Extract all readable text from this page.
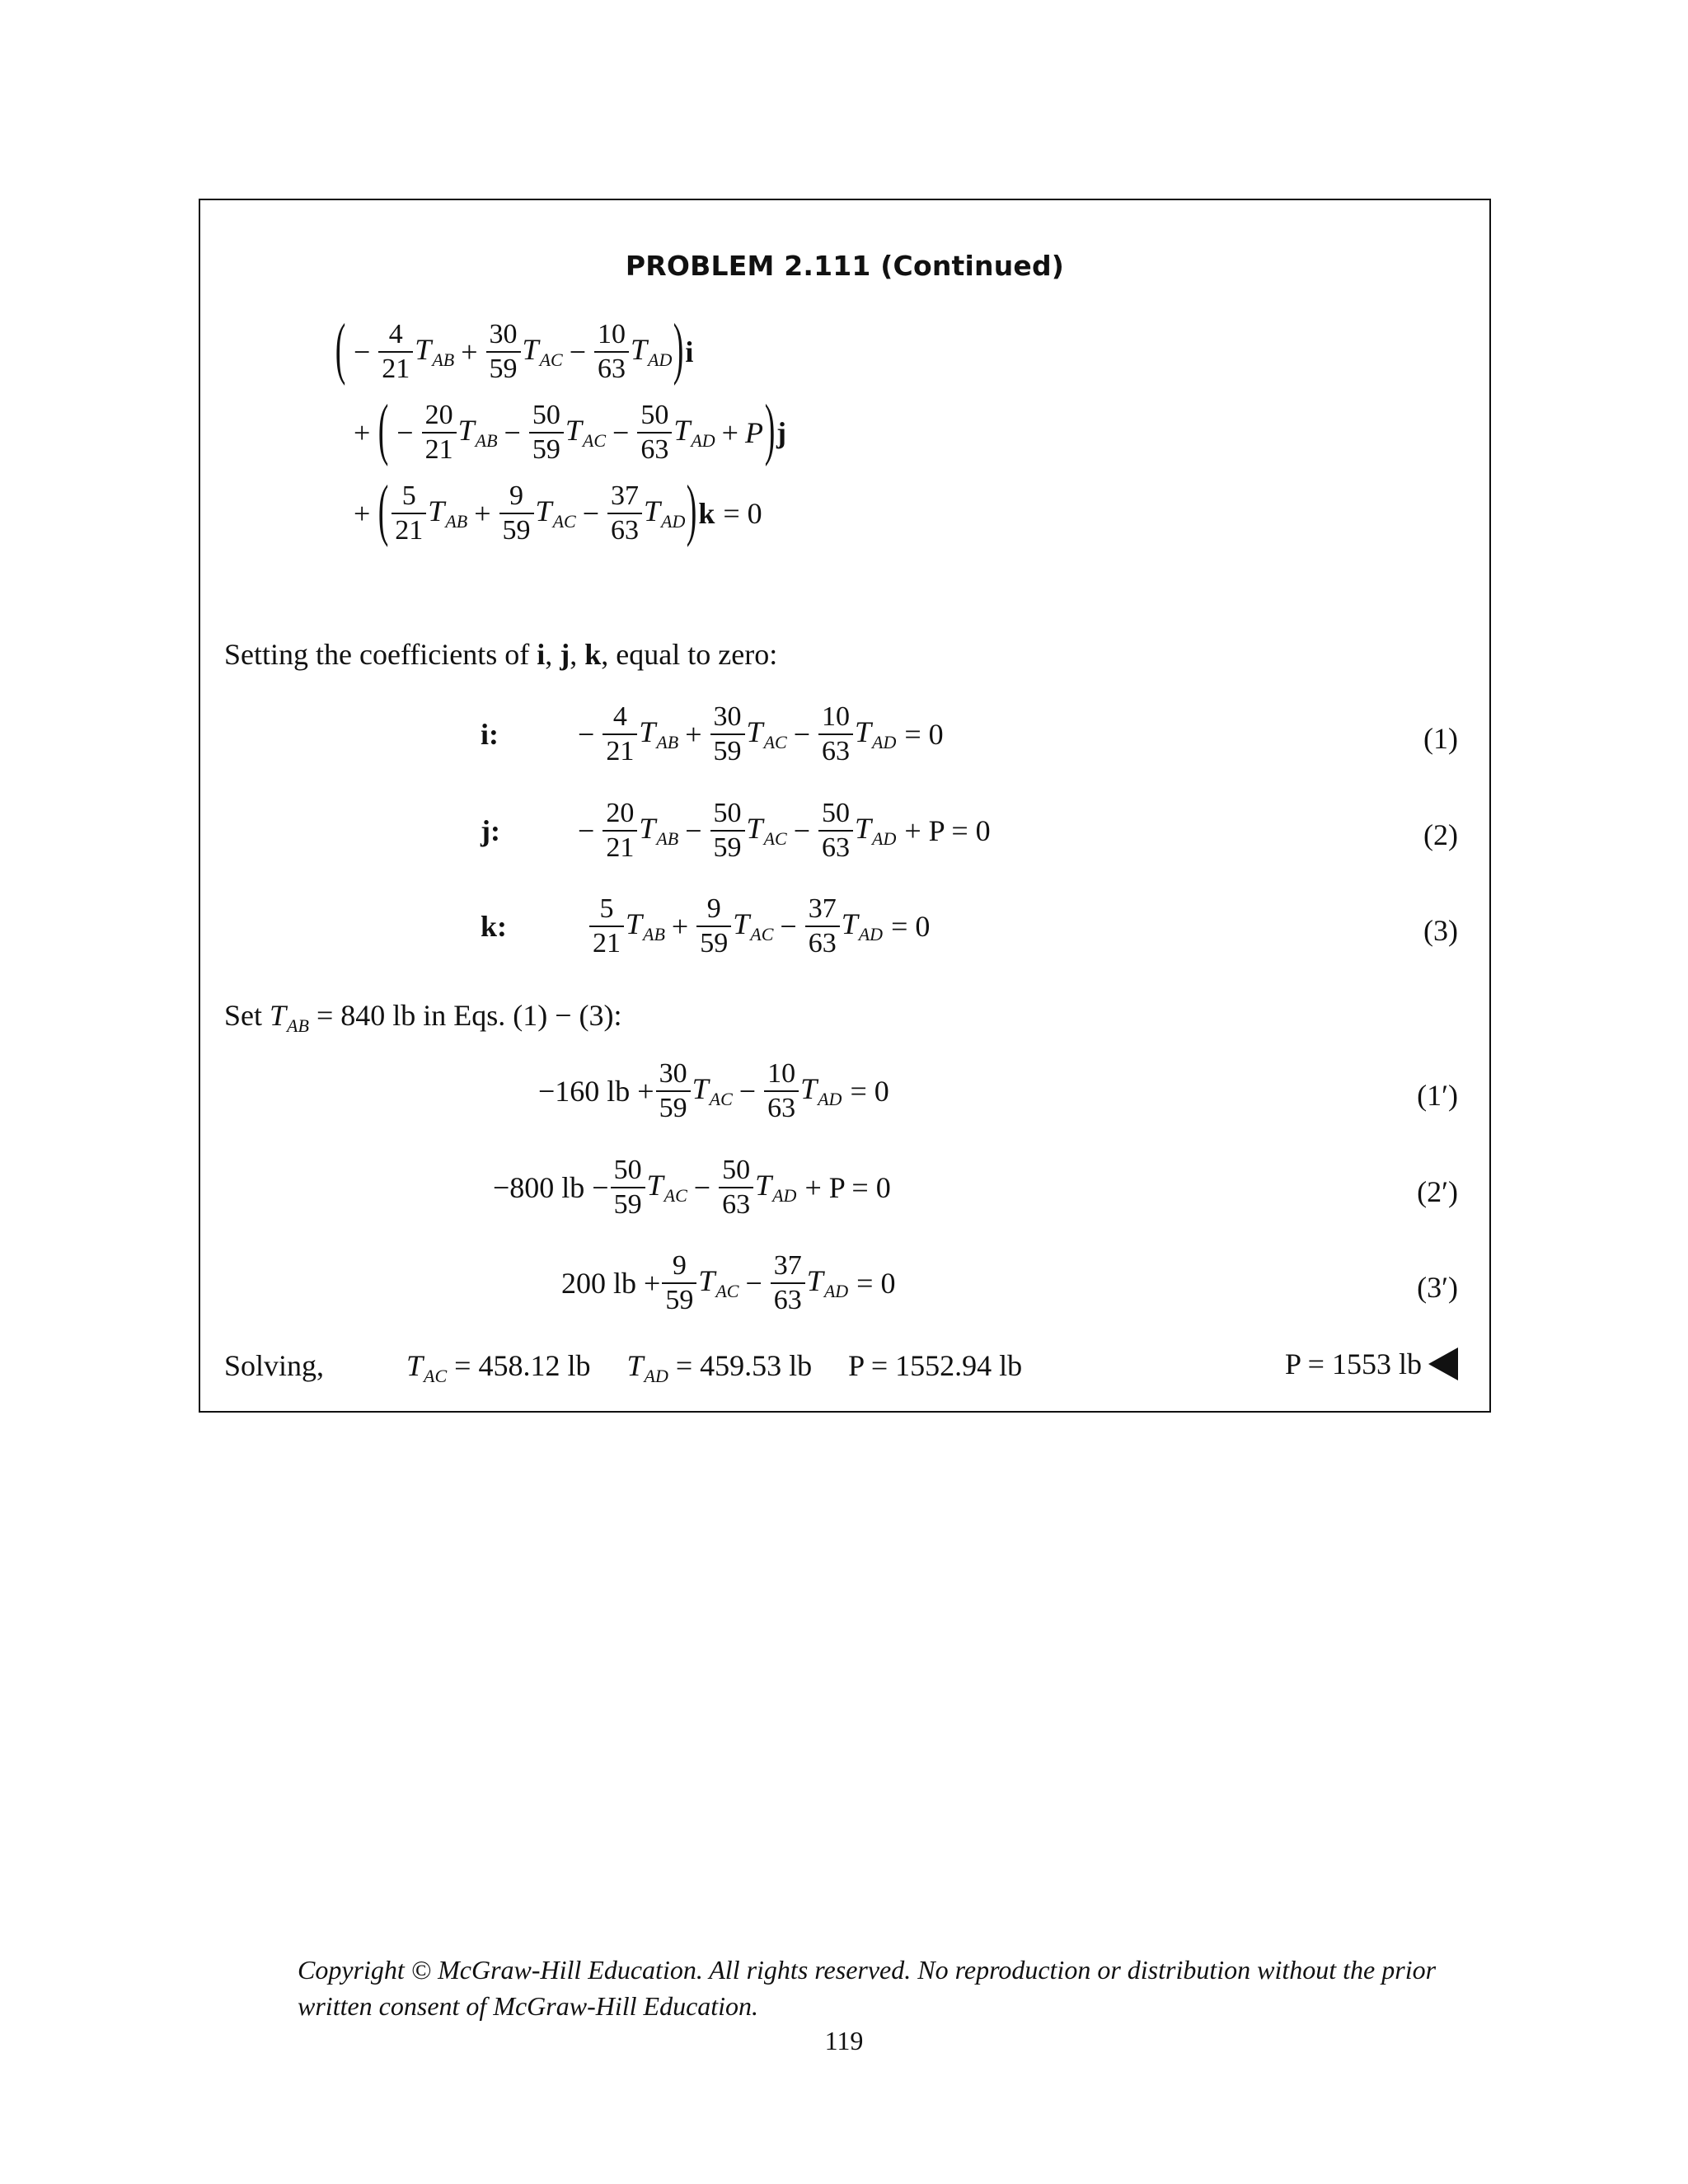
PROBLEM 2.111 (Continued)
( − $\frac{4}{21} T_{AB} + \frac{30}{59} T_{AC} - \frac{10}{63} T_{AD}$ ) i
+ ( − $\frac{20}{21} T_{AB} - \frac{50}{59} T_{AC} - \frac{50}{63} T_{AD} + P$ ) j
+ ( $\frac{5}{21} T_{AB} + \frac{9}{59} T_{AC} - \frac{37}{63} T_{AD}$ ) k = 0
Setting the coefficients of i, j, k, equal to zero:
i:	− $\frac{4}{21} T_{AB} + \frac{30}{59} T_{AC} - \frac{10}{63} T_{AD} = 0$	(1)
j:	− $\frac{20}{21} T_{AB} - \frac{50}{59} T_{AC} - \frac{50}{63} T_{AD} + P = 0$	(2)
k:	$\frac{5}{21} T_{AB} + \frac{9}{59} T_{AC} - \frac{37}{63} T_{AD} = 0$	(3)
Set $T_{AB} = 840$ lb in Eqs. (1) − (3):
−160 lb + $\frac{30}{59} T_{AC} - \frac{10}{63} T_{AD} = 0$	(1′)
−800 lb − $\frac{50}{59} T_{AC} - \frac{50}{63} T_{AD} + P = 0$	(2′)
200 lb + $\frac{9}{59} T_{AC} - \frac{37}{63} T_{AD} = 0$	(3′)
Solving,	$T_{AC} = 458.12$ lb $T_{AD} = 459.53$ lb P = 1552.94 lb	P = 1553 lb
Copyright © McGraw-Hill Education. All rights reserved. No reproduction or distribution without the prior written consent of McGraw-Hill Education.
119
